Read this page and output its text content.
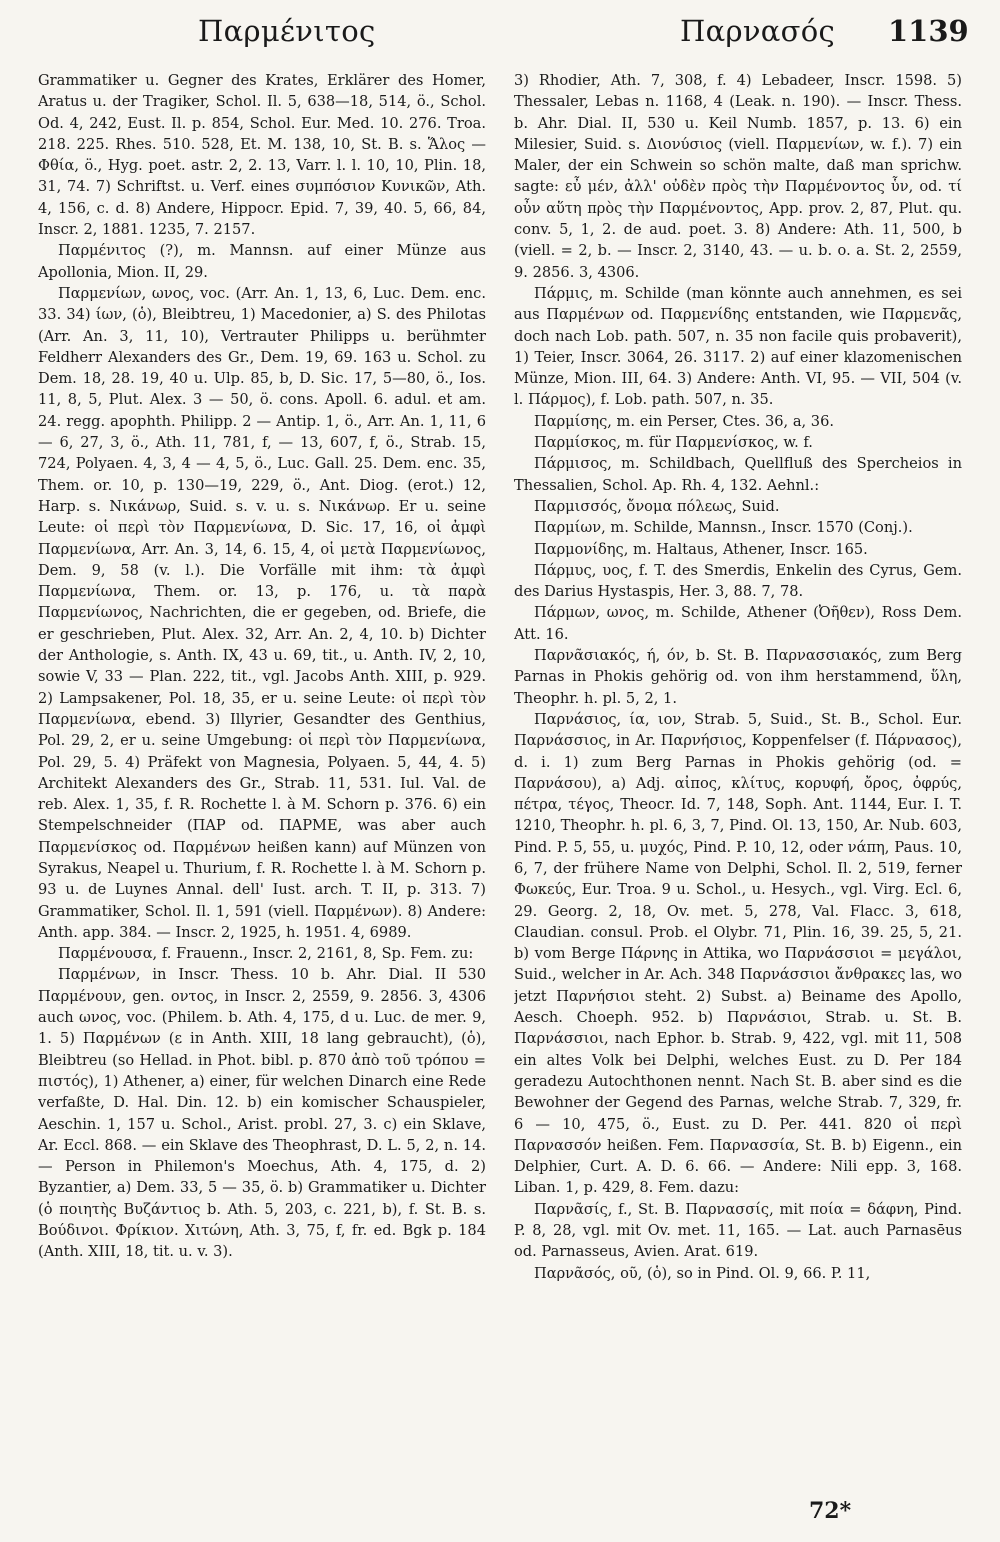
Παρμένιτος	Παρνασός 1139

Grammatiker u. Gegner des Krates, Erklärer des Homer, Aratus u. der Tragiker, Schol. Il. 5, 638—18, 514, ö., Schol. Od. 4, 242, Eust. Il. p. 854, Schol. Eur. Med. 10. 276. Troa. 218. 225. Rhes. 510. 528, Et. M. 138, 10, St. B. s. Ἅλος — Φθία, ö., Hyg. poet. astr. 2, 2. 13, Varr. l. l. 10, 10, Plin. 18, 31, 74. 7) Schriftst. u. Verf. eines συμπόσιον Κυνικῶν, Ath. 4, 156, c. d. 8) Andere, Hippocr. Epid. 7, 39, 40. 5, 66, 84, Inscr. 2, 1881. 1235, 7. 2157.

Παρμένιτος (?), m. Mannsn. auf einer Münze aus Apollonia, Mion. II, 29.

Παρμενίων, ωνος, voc. (Arr. An. 1, 13, 6, Luc. Dem. enc. 33. 34) ίων, (ὁ), Bleibtreu, 1) Macedonier, a) S. des Philotas (Arr. An. 3, 11, 10), Vertrauter Philipps u. berühmter Feldherr Alexanders des Gr., Dem. 19, 69. 163 u. Schol. zu Dem. 18, 28. 19, 40 u. Ulp. 85, b, D. Sic. 17, 5—80, ö., Ios. 11, 8, 5, Plut. Alex. 3 — 50, ö. cons. Apoll. 6. adul. et am. 24. regg. apophth. Philipp. 2 — Antip. 1, ö., Arr. An. 1, 11, 6 — 6, 27, 3, ö., Ath. 11, 781, f, — 13, 607, f, ö., Strab. 15, 724, Polyaen. 4, 3, 4 — 4, 5, ö., Luc. Gall. 25. Dem. enc. 35, Them. or. 10, p. 130—19, 229, ö., Ant. Diog. (erot.) 12, Harp. s. Νικάνωρ, Suid. s. v. u. s. Νικάνωρ. Er u. seine Leute: οἱ περὶ τὸν Παρμενίωνα, D. Sic. 17, 16, οἱ ἀμφὶ Παρμενίωνα, Arr. An. 3, 14, 6. 15, 4, οἱ μετὰ Παρμενίωνος, Dem. 9, 58 (v. l.). Die Vorfälle mit ihm: τὰ ἀμφὶ Παρμενίωνα, Them. or. 13, p. 176, u. τὰ παρὰ Παρμενίωνος, Nachrichten, die er gegeben, od. Briefe, die er geschrieben, Plut. Alex. 32, Arr. An. 2, 4, 10. b) Dichter der Anthologie, s. Anth. IX, 43 u. 69, tit., u. Anth. IV, 2, 10, sowie V, 33 — Plan. 222, tit., vgl. Jacobs Anth. XIII, p. 929. 2) Lampsakener, Pol. 18, 35, er u. seine Leute: οἱ περὶ τὸν Παρμενίωνα, ebend. 3) Illyrier, Gesandter des Genthius, Pol. 29, 2, er u. seine Umgebung: οἱ περὶ τὸν Παρμενίωνα, Pol. 29, 5. 4) Präfekt von Magnesia, Polyaen. 5, 44, 4. 5) Architekt Alexanders des Gr., Strab. 11, 531. Iul. Val. de reb. Alex. 1, 35, f. R. Rochette l. à M. Schorn p. 376. 6) ein Stempelschneider (ΠΑΡ od. ΠΑΡΜΕ, was aber auch Παρμενίσκος od. Παρμένων heißen kann) auf Münzen von Syrakus, Neapel u. Thurium, f. R. Rochette l. à M. Schorn p. 93 u. de Luynes Annal. dell' Iust. arch. T. II, p. 313. 7) Grammatiker, Schol. Il. 1, 591 (viell. Παρμένων). 8) Andere: Anth. app. 384. — Inscr. 2, 1925, h. 1951. 4, 6989.

Παρμένουσα, f. Frauenn., Inscr. 2, 2161, 8, Sp. Fem. zu:

Παρμένων, in Inscr. Thess. 10 b. Ahr. Dial. II 530 Παρμένουν, gen. οντος, in Inscr. 2, 2559, 9. 2856. 3, 4306 auch ωνος, voc. (Philem. b. Ath. 4, 175, d u. Luc. de mer. 9, 1. 5) Παρμένων (ε in Anth. XIII, 18 lang gebraucht), (ὁ), Bleibtreu (so Hellad. in Phot. bibl. p. 870 ἀπὸ τοῦ τρόπου = πιστός), 1) Athener, a) einer, für welchen Dinarch eine Rede verfaßte, D. Hal. Din. 12. b) ein komischer Schauspieler, Aeschin. 1, 157 u. Schol., Arist. probl. 27, 3. c) ein Sklave, Ar. Eccl. 868. — ein Sklave des Theophrast, D. L. 5, 2, n. 14. — Person in Philemon's Moechus, Ath. 4, 175, d. 2) Byzantier, a) Dem. 33, 5 — 35, ö. b) Grammatiker u. Dichter (ὁ ποιητὴς Βυζάντιος b. Ath. 5, 203, c. 221, b), f. St. B. s. Βούδινοι. Φρίκιον. Χιτώνη, Ath. 3, 75, f, fr. ed. Bgk p. 184 (Anth. XIII, 18, tit. u. v. 3).

3) Rhodier, Ath. 7, 308, f. 4) Lebadeer, Inscr. 1598. 5) Thessaler, Lebas n. 1168, 4 (Leak. n. 190). — Inscr. Thess. b. Ahr. Dial. II, 530 u. Keil Numb. 1857, p. 13. 6) ein Milesier, Suid. s. Διονύσιος (viell. Παρμενίων, w. f.). 7) ein Maler, der ein Schwein so schön malte, daß man sprichw. sagte: εὖ μέν, ἀλλ' οὐδὲν πρὸς τὴν Παρμένοντος ὗν, od. τί οὖν αὕτη πρὸς τὴν Παρμένοντος, App. prov. 2, 87, Plut. qu. conv. 5, 1, 2. de aud. poet. 3. 8) Andere: Ath. 11, 500, b (viell. = 2, b. — Inscr. 2, 3140, 43. — u. b. o. a. St. 2, 2559, 9. 2856. 3, 4306.

Πάρμις, m. Schilde (man könnte auch annehmen, es sei aus Παρμένων od. Παρμενίδης entstanden, wie Παρμενᾶς, doch nach Lob. path. 507, n. 35 non facile quis probaverit), 1) Teier, Inscr. 3064, 26. 3117. 2) auf einer klazomenischen Münze, Mion. III, 64. 3) Andere: Anth. VI, 95. — VII, 504 (v. l. Πάρμος), f. Lob. path. 507, n. 35.

Παρμίσης, m. ein Perser, Ctes. 36, a, 36.

Παρμίσκος, m. für Παρμενίσκος, w. f.

Πάρμισος, m. Schildbach, Quellfluß des Spercheios in Thessalien, Schol. Ap. Rh. 4, 132. Aehnl.:

Παρμισσός, ὄνομα πόλεως, Suid.

Παρμίων, m. Schilde, Mannsn., Inscr. 1570 (Conj.).

Παρμονίδης, m. Haltaus, Athener, Inscr. 165.

Πάρμυς, υος, f. T. des Smerdis, Enkelin des Cyrus, Gem. des Darius Hystaspis, Her. 3, 88. 7, 78.

Πάρμων, ωνος, m. Schilde, Athener (Ὀῆθεν), Ross Dem. Att. 16.

Παρνᾶσιακός, ή, όν, b. St. B. Παρνασσιακός, zum Berg Parnas in Phokis gehörig od. von ihm herstammend, ὕλη, Theophr. h. pl. 5, 2, 1.

Παρνάσιος, ία, ιον, Strab. 5, Suid., St. B., Schol. Eur. Παρνάσσιος, in Ar. Παρνήσιος, Koppenfelser (f. Πάρνασος), d. i. 1) zum Berg Parnas in Phokis gehörig (od. = Παρνάσου), a) Adj. αἰπος, κλίτυς, κορυφή, ὄρος, ὀφρύς, πέτρα, τέγος, Theocr. Id. 7, 148, Soph. Ant. 1144, Eur. I. T. 1210, Theophr. h. pl. 6, 3, 7, Pind. Ol. 13, 150, Ar. Nub. 603, Pind. P. 5, 55, u. μυχός, Pind. P. 10, 12, oder νάπη, Paus. 10, 6, 7, der frühere Name von Delphi, Schol. Il. 2, 519, ferner Φωκεύς, Eur. Troa. 9 u. Schol., u. Hesych., vgl. Virg. Ecl. 6, 29. Georg. 2, 18, Ov. met. 5, 278, Val. Flacc. 3, 618, Claudian. consul. Prob. el Olybr. 71, Plin. 16, 39. 25, 5, 21. b) vom Berge Πάρνης in Attika, wo Παρνάσσιοι = μεγάλοι, Suid., welcher in Ar. Ach. 348 Παρνάσσιοι ἄνθρακες las, wo jetzt Παρνήσιοι steht. 2) Subst. a) Beiname des Apollo, Aesch. Choeph. 952. b) Παρνάσιοι, Strab. u. St. B. Παρνάσσιοι, nach Ephor. b. Strab. 9, 422, vgl. mit 11, 508 ein altes Volk bei Delphi, welches Eust. zu D. Per 184 geradezu Autochthonen nennt. Nach St. B. aber sind es die Bewohner der Gegend des Parnas, welche Strab. 7, 329, fr. 6 — 10, 475, ö., Eust. zu D. Per. 441. 820 οἱ περὶ Παρνασσόν heißen. Fem. Παρνασσία, St. B. b) Eigenn., ein Delphier, Curt. A. D. 6. 66. — Andere: Nili epp. 3, 168. Liban. 1, p. 429, 8. Fem. dazu:

Παρνᾶσίς, f., St. B. Παρνασσίς, mit ποία = δάφνη, Pind. P. 8, 28, vgl. mit Ov. met. 11, 165. — Lat. auch Parnasēus od. Parnasseus, Avien. Arat. 619.

Παρνᾶσός, οῦ, (ὁ), so in Pind. Ol. 9, 66. P. 11,

72*
